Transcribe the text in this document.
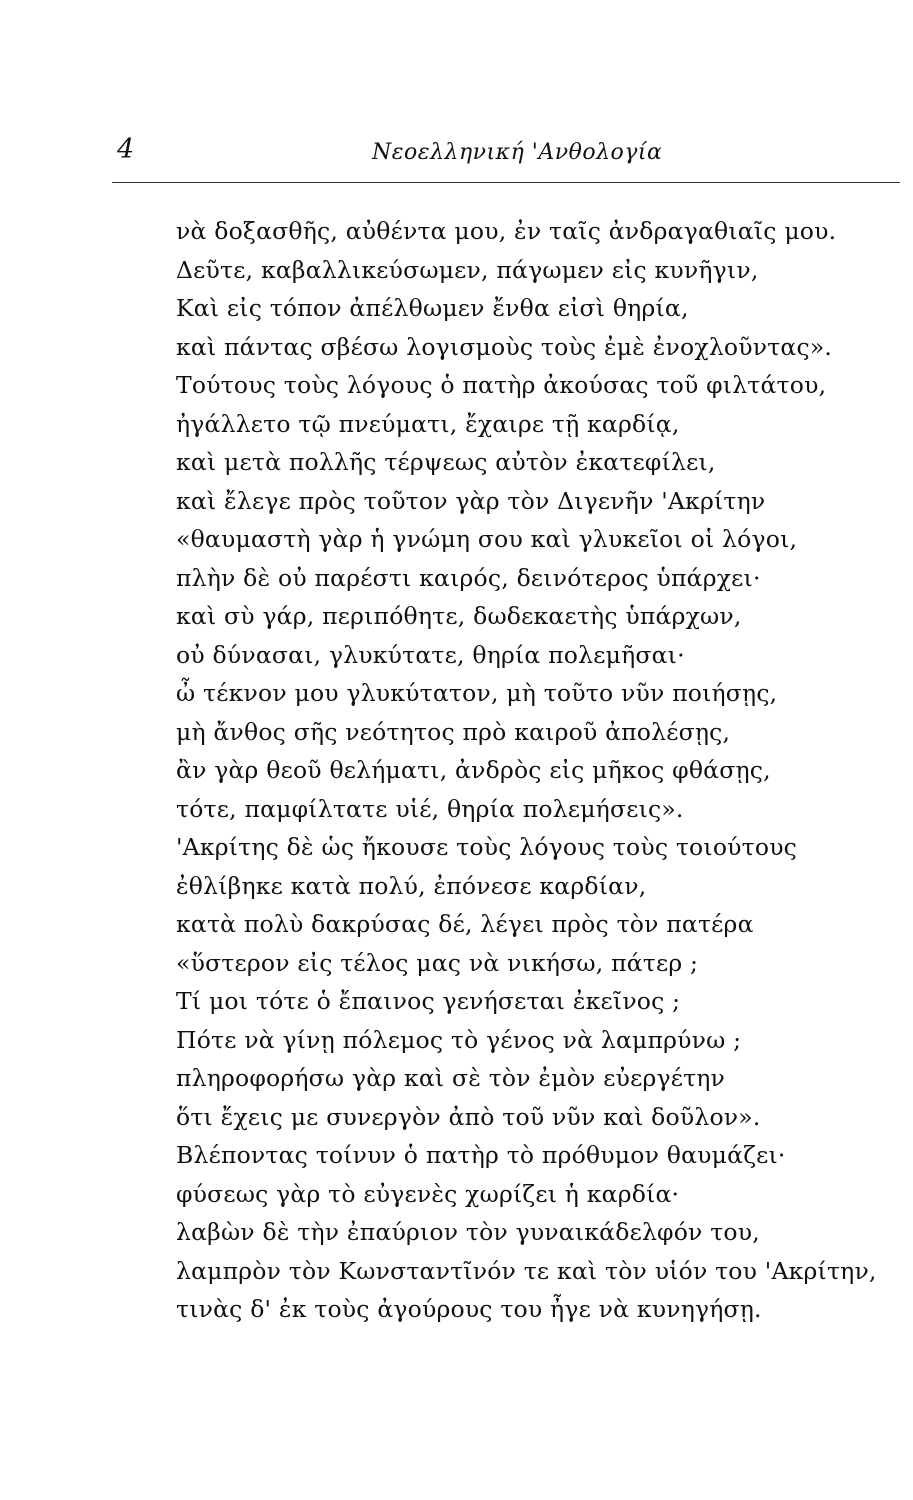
4	Νεοελληνική 'Ανθολογία
νὰ δοξασθῆς, αὐθέντα μου, ἐν ταῖς ἀνδραγαθιαῖς μου.
Δεῦτε, καβαλλικεύσωμεν, πάγωμεν εἰς κυνῆγιν,
Καὶ εἰς τόπον ἀπέλθωμεν ἔνθα εἰσὶ θηρία,
καὶ πάντας σβέσω λογισμοὺς τοὺς ἐμὲ ἐνοχλοῦντας».
Τούτους τοὺς λόγους ὁ πατὴρ ἀκούσας τοῦ φιλτάτου,
ἠγάλλετο τῷ πνεύματι, ἔχαιρε τῇ καρδίᾳ,
καὶ μετὰ πολλῆς τέρψεως αὐτὸν ἐκατεφίλει,
καὶ ἔλεγε πρὸς τοῦτον γὰρ τὸν Διγενῆν 'Ακρίτην
«θαυμαστὴ γὰρ ἡ γνώμη σου καὶ γλυκεῖοι οἱ λόγοι,
πλὴν δὲ οὐ παρέστι καιρός, δεινότερος ὑπάρχει·
καὶ σὺ γάρ, περιπόθητε, δωδεκαετὴς ὑπάρχων,
οὐ δύνασαι, γλυκύτατε, θηρία πολεμῆσαι·
ὦ τέκνον μου γλυκύτατον, μὴ τοῦτο νῦν ποιήσῃς,
μὴ ἄνθος σῆς νεότητος πρὸ καιροῦ ἀπολέσῃς,
ἂν γὰρ θεοῦ θελήματι, ἀνδρὸς εἰς μῆκος φθάσῃς,
τότε, παμφίλτατε υἱέ, θηρία πολεμήσεις».
'Ακρίτης δὲ ὡς ἤκουσε τοὺς λόγους τοὺς τοιούτους
ἐθλίβηκε κατὰ πολύ, ἐπόνεσε καρδίαν,
κατὰ πολὺ δακρύσας δέ, λέγει πρὸς τὸν πατέρα
«ὕστερον εἰς τέλος μας νὰ νικήσω, πάτερ ;
Τί μοι τότε ὁ ἔπαινος γενήσεται ἐκεῖνος ;
Πότε νὰ γίνῃ πόλεμος τὸ γένος νὰ λαμπρύνω ;
πληροφορήσω γὰρ καὶ σὲ τὸν ἐμὸν εὐεργέτην
ὅτι ἔχεις με συνεργὸν ἀπὸ τοῦ νῦν καὶ δοῦλον».
Βλέποντας τοίνυν ὁ πατὴρ τὸ πρόθυμον θαυμάζει·
φύσεως γὰρ τὸ εὐγενὲς χωρίζει ἡ καρδία·
λαβὼν δὲ τὴν ἐπαύριον τὸν γυναικάδελφόν του,
λαμπρὸν τὸν Κωνσταντῖνόν τε καὶ τὸν υἱόν του 'Ακρίτην,
τινὰς δ' ἐκ τοὺς ἀγούρους του ἦγε νὰ κυνηγήσῃ.
